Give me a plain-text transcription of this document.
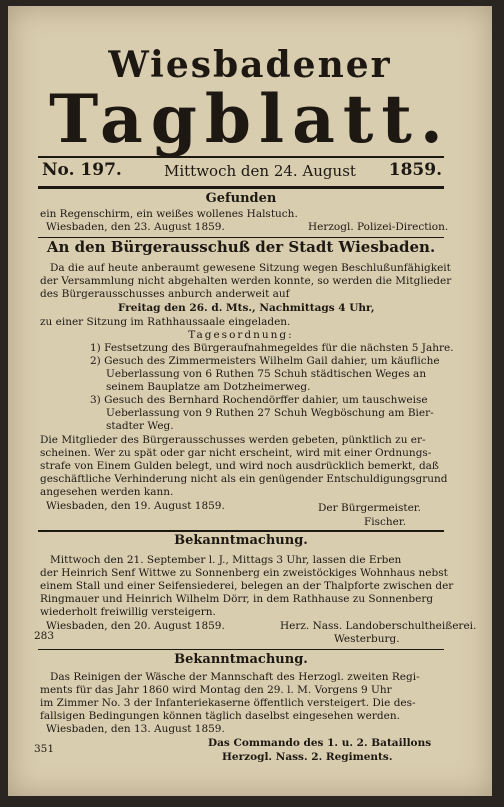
Wiesbadener
Tagblatt.
No. 197.	Mittwoch den 24. August 1859.
Gefunden
ein Regenschirm, ein weißes wollenes Halstuch.
Wiesbaden, den 23. August 1859.	Herzogl. Polizei-Direction.
An den Bürgerausschuß der Stadt Wiesbaden.
Da die auf heute anberaumt gewesene Sitzung wegen Beschlußunfähigkeit
der Versammlung nicht abgehalten werden konnte, so werden die Mitglieder
des Bürgerausschusses anburch anderweit auf
Freitag den 26. d. Mts., Nachmittags 4 Uhr,
zu einer Sitzung im Rathhaussaale eingeladen.
Tagesordnung:
1) Festsetzung des Bürgeraufnahmegeldes für die nächsten 5 Jahre.
2) Gesuch des Zimmermeisters Wilhelm Gail dahier, um käufliche
Ueberlassung von 6 Ruthen 75 Schuh städtischen Weges an
seinem Bauplatze am Dotzheimerweg.
3) Gesuch des Bernhard Rochendörffer dahier, um tauschweise
Ueberlassung von 9 Ruthen 27 Schuh Wegböschung am Bier-
stadter Weg.
Die Mitglieder des Bürgerausschusses werden gebeten, pünktlich zu er-
scheinen. Wer zu spät oder gar nicht erscheint, wird mit einer Ordnungs-
strafe von Einem Gulden belegt, und wird noch ausdrücklich bemerkt, daß
geschäftliche Verhinderung nicht als ein genügender Entschuldigungsgrund
angesehen werden kann.
Wiesbaden, den 19. August 1859.	Der Bürgermeister.
Fischer.
Bekanntmachung.
Mittwoch den 21. September l. J., Mittags 3 Uhr, lassen die Erben
der Heinrich Senf Wittwe zu Sonnenberg ein zweistöckiges Wohnhaus nebst
einem Stall und einer Seifensiederei, belegen an der Thalpforte zwischen der
Ringmauer und Heinrich Wilhelm Dörr, in dem Rathhause zu Sonnenberg
wiederholt freiwillig versteigern.
Wiesbaden, den 20. August 1859.	Herz. Nass. Landoberschultheißerei.
283	Westerburg.
Bekanntmachung.
Das Reinigen der Wäsche der Mannschaft des Herzogl. zweiten Regi-
ments für das Jahr 1860 wird Montag den 29. l. M. Vorgens 9 Uhr
im Zimmer No. 3 der Infanteriekaserne öffentlich versteigert. Die des-
fallsigen Bedingungen können täglich daselbst eingesehen werden.
Wiesbaden, den 13. August 1859.
Das Commando des 1. u. 2. Bataillons
351
Herzogl. Nass. 2. Regiments.
